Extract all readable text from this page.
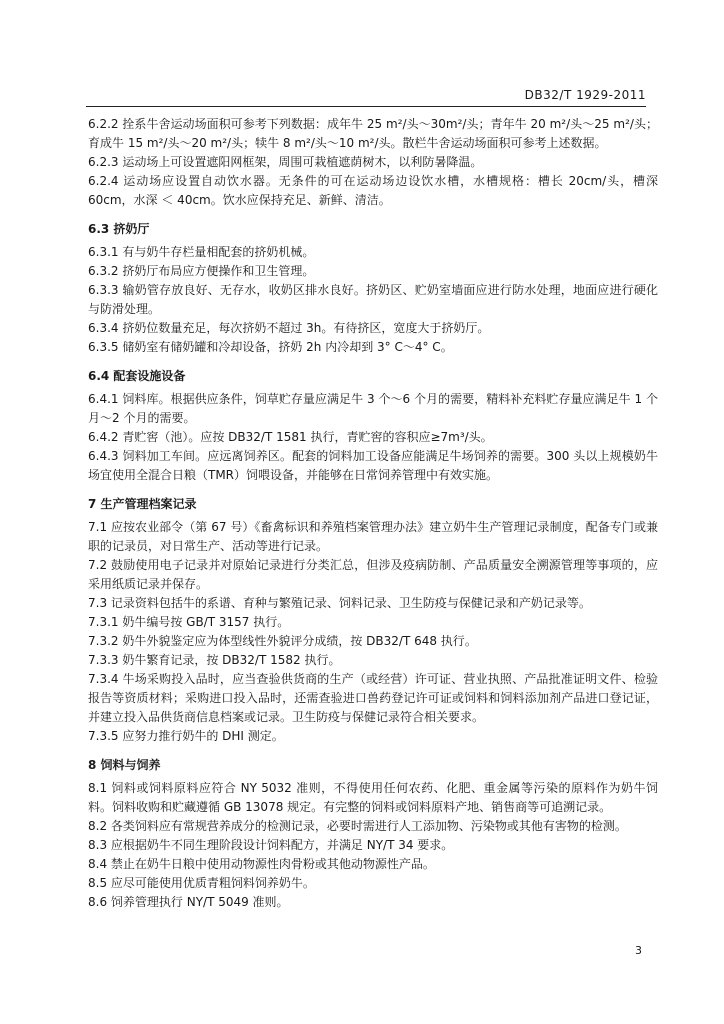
DB32/T 1929-2011

6.2.2 拴系牛舍运动场面积可参考下列数据：成年牛 25 m²/头～30m²/头；青年牛 20 m²/头～25 m²/头；育成牛 15 m²/头～20 m²/头；犊牛 8 m²/头～10 m²/头。散栏牛舍运动场面积可参考上述数据。

6.2.3 运动场上可设置遮阳网框架，周围可栽植遮荫树木，以利防暑降温。

6.2.4 运动场应设置自动饮水器。无条件的可在运动场边设饮水槽，水槽规格：槽长 20cm/头，槽深 60cm，水深 ＜ 40cm。饮水应保持充足、新鲜、清洁。

6.3 挤奶厅

6.3.1 有与奶牛存栏量相配套的挤奶机械。

6.3.2 挤奶厅布局应方便操作和卫生管理。

6.3.3 输奶管存放良好、无存水，收奶区排水良好。挤奶区、贮奶室墙面应进行防水处理，地面应进行硬化与防滑处理。

6.3.4 挤奶位数量充足，每次挤奶不超过 3h。有待挤区，宽度大于挤奶厅。

6.3.5 储奶室有储奶罐和冷却设备，挤奶 2h 内冷却到 3° C～4° C。

6.4 配套设施设备

6.4.1 饲料库。根据供应条件，饲草贮存量应满足牛 3 个～6 个月的需要，精料补充料贮存量应满足牛 1 个月～2 个月的需要。

6.4.2 青贮窖（池）。应按 DB32/T 1581 执行，青贮窖的容积应≥7m³/头。

6.4.3 饲料加工车间。应远离饲养区。配套的饲料加工设备应能满足牛场饲养的需要。300 头以上规模奶牛场宜使用全混合日粮（TMR）饲喂设备，并能够在日常饲养管理中有效实施。

7 生产管理档案记录

7.1 应按农业部令（第 67 号）《畜禽标识和养殖档案管理办法》建立奶牛生产管理记录制度，配备专门或兼职的记录员，对日常生产、活动等进行记录。

7.2 鼓励使用电子记录并对原始记录进行分类汇总，但涉及疫病防制、产品质量安全溯源管理等事项的，应采用纸质记录并保存。

7.3 记录资料包括牛的系谱、育种与繁殖记录、饲料记录、卫生防疫与保健记录和产奶记录等。

7.3.1 奶牛编号按 GB/T 3157 执行。

7.3.2 奶牛外貌鉴定应为体型线性外貌评分成绩，按 DB32/T 648 执行。

7.3.3 奶牛繁育记录，按 DB32/T 1582 执行。

7.3.4 牛场采购投入品时，应当查验供货商的生产（或经营）许可证、营业执照、产品批准证明文件、检验报告等资质材料；采购进口投入品时，还需查验进口兽药登记许可证或饲料和饲料添加剂产品进口登记证，并建立投入品供货商信息档案或记录。卫生防疫与保健记录符合相关要求。

7.3.5 应努力推行奶牛的 DHI 测定。

8 饲料与饲养

8.1 饲料或饲料原料应符合 NY 5032 准则，不得使用任何农药、化肥、重金属等污染的原料作为奶牛饲料。饲料收购和贮藏遵循 GB 13078 规定。有完整的饲料或饲料原料产地、销售商等可追溯记录。

8.2 各类饲料应有常规营养成分的检测记录，必要时需进行人工添加物、污染物或其他有害物的检测。

8.3 应根据奶牛不同生理阶段设计饲料配方，并满足 NY/T 34 要求。

8.4 禁止在奶牛日粮中使用动物源性肉骨粉或其他动物源性产品。

8.5 应尽可能使用优质青粗饲料饲养奶牛。

8.6 饲养管理执行 NY/T 5049 准则。

3
